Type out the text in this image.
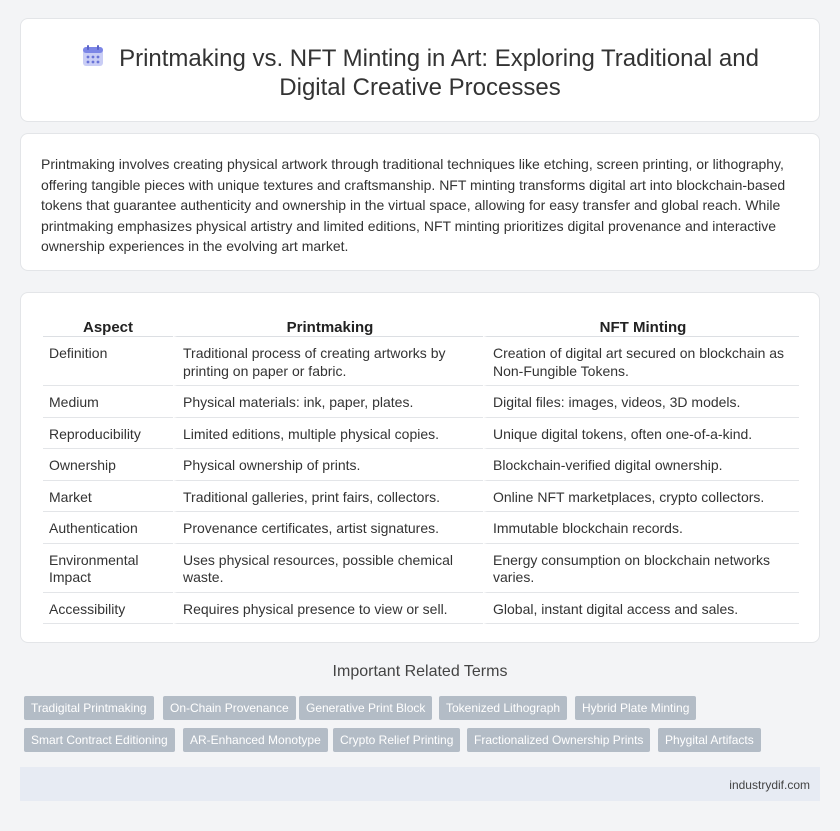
Printmaking vs. NFT Minting in Art: Exploring Traditional and
Digital Creative Processes

Printmaking involves creating physical artwork through traditional techniques like etching, screen printing, or lithography, offering tangible pieces with unique textures and craftsmanship. NFT minting transforms digital art into blockchain-based tokens that guarantee authenticity and ownership in the virtual space, allowing for easy transfer and global reach. While printmaking emphasizes physical artistry and limited editions, NFT minting prioritizes digital provenance and interactive ownership experiences in the evolving art market.

Aspect	Printmaking	NFT Minting
Definition	Traditional process of creating artworks by printing on paper or fabric.	Creation of digital art secured on blockchain as Non-Fungible Tokens.
Medium	Physical materials: ink, paper, plates.	Digital files: images, videos, 3D models.
Reproducibility	Limited editions, multiple physical copies.	Unique digital tokens, often one-of-a-kind.
Ownership	Physical ownership of prints.	Blockchain-verified digital ownership.
Market	Traditional galleries, print fairs, collectors.	Online NFT marketplaces, crypto collectors.
Authentication	Provenance certificates, artist signatures.	Immutable blockchain records.
Environmental Impact	Uses physical resources, possible chemical waste.	Energy consumption on blockchain networks varies.
Accessibility	Requires physical presence to view or sell.	Global, instant digital access and sales.
Important Related Terms
Tradigital Printmaking	On-Chain Provenance	Generative Print Block	Tokenized Lithograph	Hybrid Plate Minting
Smart Contract Editioning	AR-Enhanced Monotype	Crypto Relief Printing	Fractionalized Ownership Prints	Phygital Artifacts
industrydif.com
